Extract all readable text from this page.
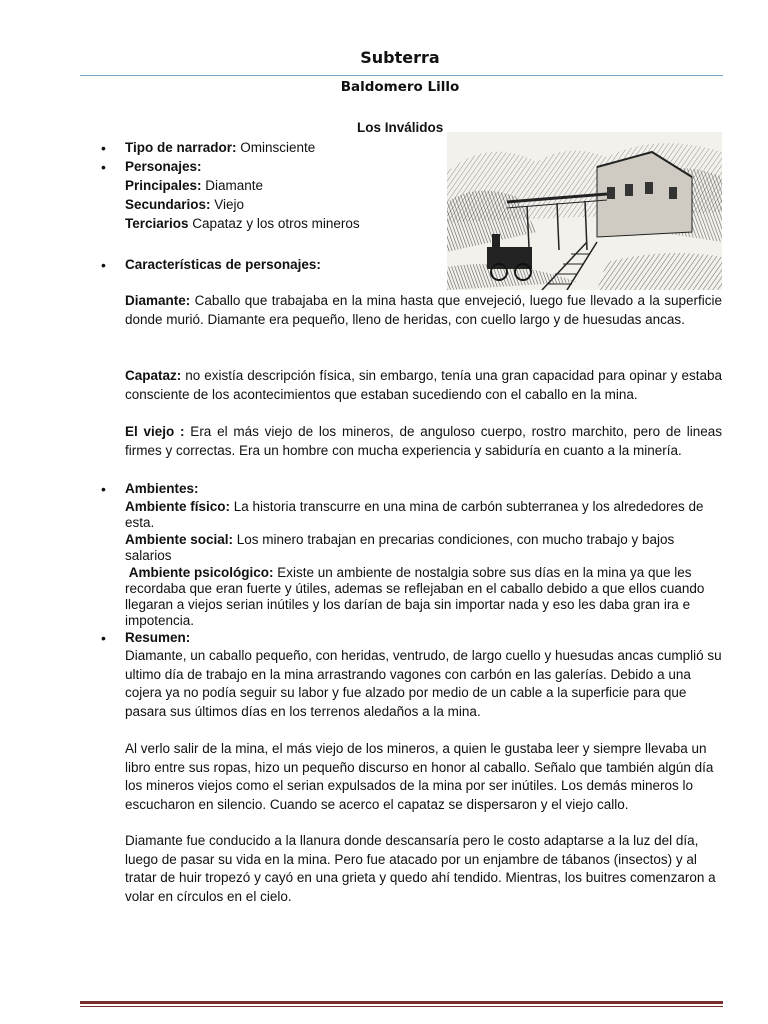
Subterra
Baldomero Lillo
Los Inválidos
• Tipo de narrador: Ominsciente
• Personajes:
Principales: Diamante
Secundarios: Viejo
Terciarios Capataz y los otros mineros
• Características de personajes:
Diamante: Caballo que trabajaba en la mina hasta que envejeció, luego fue llevado a la superficie donde murió. Diamante era pequeño, lleno de heridas, con cuello largo y de huesudas ancas.
Capataz: no existía descripción física, sin embargo, tenía una gran capacidad para opinar y estaba consciente de los acontecimientos que estaban sucediendo con el caballo en la mina.
El viejo : Era el más viejo de los mineros, de anguloso cuerpo, rostro marchito, pero de lineas firmes y correctas. Era un hombre con mucha experiencia y sabiduría en cuanto a la minería.
• Ambientes:
Ambiente físico: La historia transcurre en una mina de carbón subterranea y los alrededores de esta.
Ambiente social: Los minero trabajan en precarias condiciones, con mucho trabajo y bajos salarios
Ambiente psicológico: Existe un ambiente de nostalgia sobre sus días en la mina ya que les recordaba que eran fuerte y útiles, ademas se reflejaban en el caballo debido a que ellos cuando llegaran a viejos serian inútiles y los darían de baja sin importar nada y eso les daba gran ira e impotencia.
• Resumen:
Diamante, un caballo pequeño, con heridas, ventrudo, de largo cuello y huesudas ancas cumplió su ultimo día de trabajo en la mina arrastrando vagones con carbón en las galerías. Debido a una cojera ya no podía seguir su labor y fue alzado por medio de un cable a la superficie para que pasara sus últimos días en los terrenos aledaños a la mina.
Al verlo salir de la mina, el más viejo de los mineros, a quien le gustaba leer y siempre llevaba un libro entre sus ropas, hizo un pequeño discurso en honor al caballo. Señalo que también algún día los mineros viejos como el serian expulsados de la mina por ser inútiles. Los demás mineros lo escucharon en silencio. Cuando se acerco el capataz se dispersaron y el viejo callo.
Diamante fue conducido a la llanura donde descansaría pero le costo adaptarse a la luz del día, luego de pasar su vida en la mina. Pero fue atacado por un enjambre de tábanos (insectos) y al tratar de huir tropezó y cayó en una grieta y quedo ahí tendido. Mientras, los buitres comenzaron a volar en círculos en el cielo.
